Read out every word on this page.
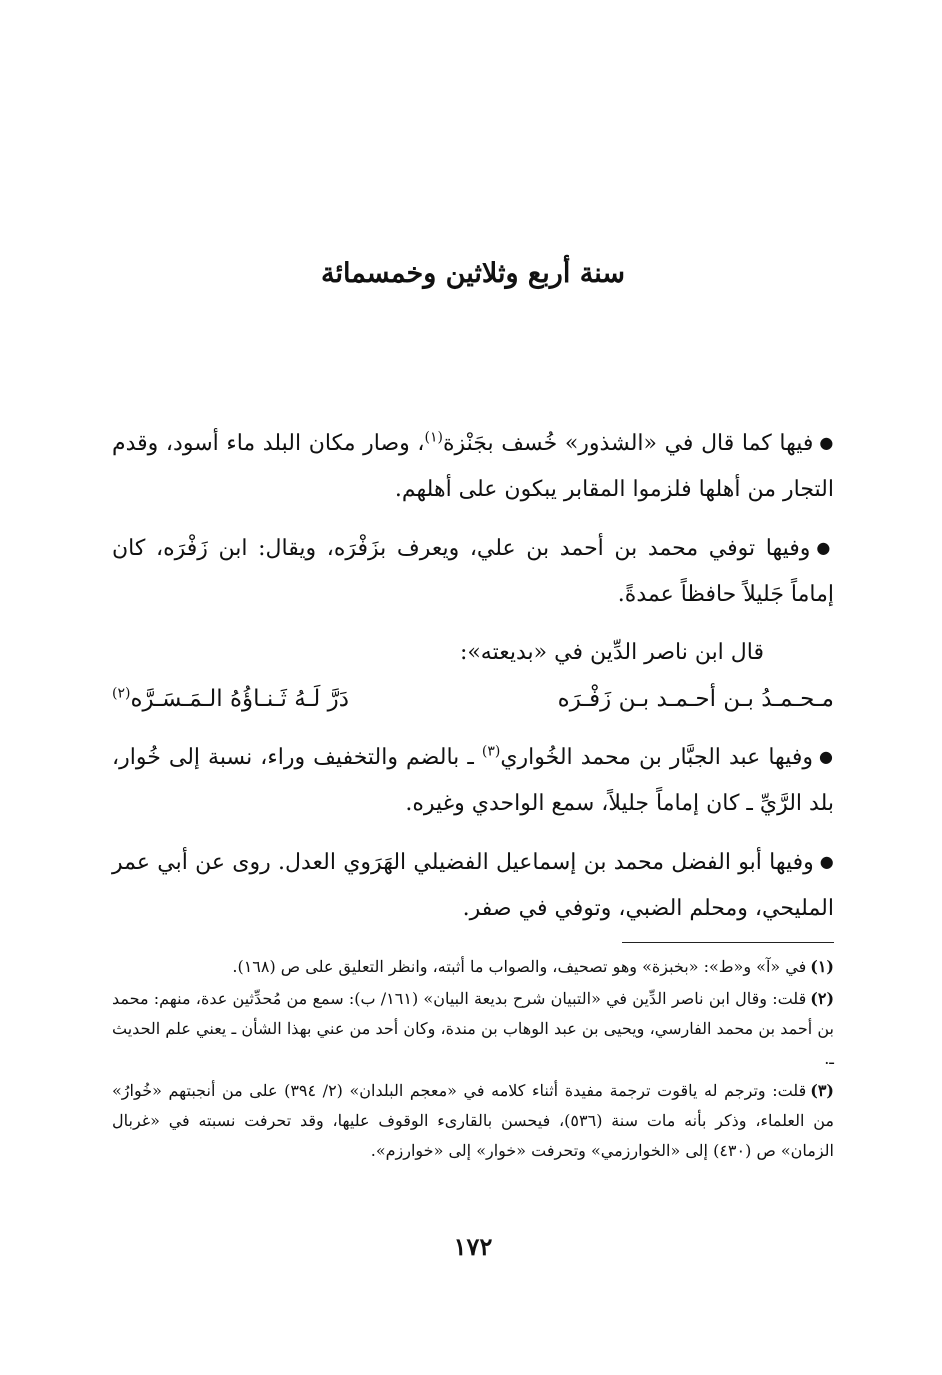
سنة أربع وثلاثين وخمسمائة

●فيها كما قال في «الشذور» خُسف بجَنْزة$^{(١)}$، وصار مكان البلد ماء أسود، وقدم التجار من أهلها فلزموا المقابر يبكون على أهلهم.

●وفيها توفي محمد بن أحمد بن علي، ويعرف بزَفْرَه، ويقال: ابن زَفْرَه، كان إماماً جَليلاً حافظاً عمدةً.

قال ابن ناصر الدِّين في «بديعته»:

مـحـمـدُ بـن أحـمـد بـن زَفْـرَه
دَرَّ لَـهُ ثَـنـاؤُهُ الـمَـسَـرَّه$^{(٢)}$

●وفيها عبد الجبَّار بن محمد الخُواري$^{(٣)}$ ـ بالضم والتخفيف وراء، نسبة إلى خُوار، بلد الرَّيِّ ـ كان إماماً جليلاً، سمع الواحدي وغيره.

●وفيها أبو الفضل محمد بن إسماعيل الفضيلي الهَرَوي العدل. روى عن أبي عمر المليحي، ومحلم الضبي، وتوفي في صفر.

(١)في «آ» و«ط»: «بخبزة» وهو تصحيف، والصواب ما أثبته، وانظر التعليق على ص (١٦٨).

(٢)قلت: وقال ابن ناصر الدِّين في «التبيان شرح بديعة البيان» (١٦١/ ب): سمع من مُحدِّثين عدة، منهم: محمد بن أحمد بن محمد الفارسي، ويحيى بن عبد الوهاب بن مندة، وكان أحد من عني بهذا الشأن ـ يعني علم الحديث ـ.

(٣)قلت: وترجم له ياقوت ترجمة مفيدة أثناء كلامه في «معجم البلدان» (٢/ ٣٩٤) على من أنجبتهم «خُوارُ» من العلماء، وذكر بأنه مات سنة (٥٣٦)، فيحسن بالقارىء الوقوف عليها، وقد تحرفت نسبته في «غربال الزمان» ص (٤٣٠) إلى «الخوارزمي» وتحرفت «خوار» إلى «خوارزم».

١٧٢
